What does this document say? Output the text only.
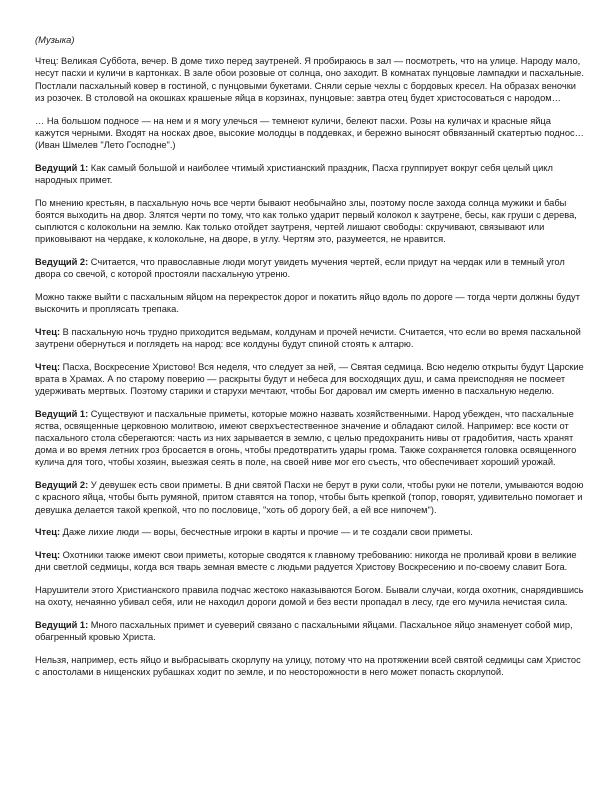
(Музыка)

Чтец: Великая Суббота, вечер. В доме тихо перед заутреней. Я пробираюсь в зал — посмотреть, что на улице. Народу мало, несут пасхи и куличи в картонках. В зале обои розовые от солнца, оно заходит. В комнатах пунцовые лампадки и пасхальные. Постлали пасхальный ковер в гостиной, с пунцовыми букетами. Сняли серые чехлы с бордовых кресел. На образах веночки из розочек. В столовой на окошках крашеные яйца в корзинах, пунцовые: завтра отец будет христосоваться с народом…

… На большом подносе — на нем и я могу улечься — темнеют куличи, белеют пасхи. Розы на куличах и красные яйца кажутся черными. Входят на носках двое, высокие молодцы в поддевках, и бережно выносят обвязанный скатертью поднос… (Иван Шмелев "Лето Господне".)

Ведущий 1: Как самый большой и наиболее чтимый христианский праздник, Пасха группирует вокруг себя целый цикл народных примет.

По мнению крестьян, в пасхальную ночь все черти бывают необычайно злы, поэтому после захода солнца мужики и бабы боятся выходить на двор. Злятся черти по тому, что как только ударит первый колокол к заутрене, бесы, как груши с дерева, сыплются с колокольни на землю. Как только отойдет заутреня, чертей лишают свободы: скручивают, связывают или приковывают на чердаке, к колокольне, на дворе, в углу. Чертям это, разумеется, не нравится.

Ведущий 2: Считается, что православные люди могут увидеть мучения чертей, если придут на чердак или в темный угол двора со свечой, с которой простояли пасхальную утреню.

Можно также выйти с пасхальным яйцом на перекресток дорог и покатить яйцо вдоль по дороге — тогда черти должны будут выскочить и проплясать трепака.

Чтец: В пасхальную ночь трудно приходится ведьмам, колдунам и прочей нечисти. Считается, что если во время пасхальной заутрени обернуться и поглядеть на народ: все колдуны будут спиной стоять к алтарю.

Чтец: Пасха, Воскресение Христово! Вся неделя, что следует за ней, — Святая седмица. Всю неделю открыты будут Царские врата в Храмах. А по старому поверию — раскрыты будут и небеса для восходящих душ, и сама преисподняя не посмеет удерживать мертвых. Поэтому старики и старухи мечтают, чтобы Бог даровал им смерть именно в пасхальную неделю.

Ведущий 1: Существуют и пасхальные приметы, которые можно назвать хозяйственными. Народ убежден, что пасхальные яства, освященные церковною молитвою, имеют сверхъестественное значение и обладают силой. Например: все кости от пасхального стола сберегаются: часть из них зарывается в землю, с целью предохранить нивы от градобития, часть хранят дома и во время летних гроз бросается в огонь, чтобы предотвратить удары грома. Также сохраняется головка освященного кулича для того, чтобы хозяин, выезжая сеять в поле, на своей ниве мог его съесть, что обеспечивает хороший урожай.

Ведущий 2: У девушек есть свои приметы. В дни святой Пасхи не берут в руки соли, чтобы руки не потели, умываются водою с красного яйца, чтобы быть румяной, притом ставятся на топор, чтобы быть крепкой (топор, говорят, удивительно помогает и девушка делается такой крепкой, что по пословице, "хоть об дорогу бей, а ей все нипочем").

Чтец: Даже лихие люди — воры, бесчестные игроки в карты и прочие — и те создали свои приметы.

Чтец: Охотники также имеют свои приметы, которые сводятся к главному требованию: никогда не проливай крови в великие дни светлой седмицы, когда вся тварь земная вместе с людьми радуется Христову Воскресению и по-своему славит Бога.

Нарушители этого Христианского правила подчас жестоко наказываются Богом. Бывали случаи, когда охотник, снарядившись на охоту, нечаянно убивал себя, или не находил дороги домой и без вести пропадал в лесу, где его мучила нечистая сила.

Ведущий 1: Много пасхальных примет и суеверий связано с пасхальными яйцами. Пасхальное яйцо знаменует собой мир, обагренный кровью Христа.

Нельзя, например, есть яйцо и выбрасывать скорлупу на улицу, потому что на протяжении всей святой седмицы сам Христос с апостолами в нищенских рубашках ходит по земле, и по неосторожности в него может попасть скорлупой.
